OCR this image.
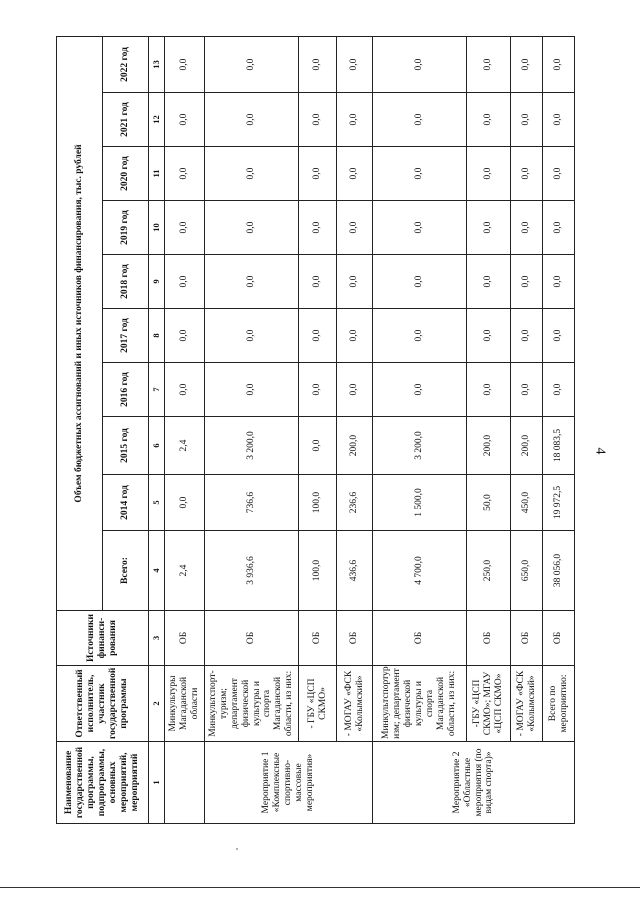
4
Наименование государственной программы, подпрограммы, основных мероприятий, мероприятий	Ответственный исполнитель, участник государственной программы	Источники финанси-рования	Объем бюджетных ассигнований и иных источников финансирования, тыс. рублей									
			Всего:	2014 год	2015 год	2016 год	2017 год	2018 год	2019 год	2020 год	2021 год	2022 год
1	2	3	4	5	6	7	8	9	10	11	12	13
	Минкультуры Магаданской области	ОБ	2,4	0,0	2,4	0,0	0,0	0,0	0,0	0,0	0,0	0,0
Мероприятие 1 «Комплексные спортивно-массовые мероприятия»	Минкультспорт-туризм; департамент физической культуры и спорта Магаданской области, из них:	ОБ	3 936,6	736,6	3 200,0	0,0	0,0	0,0	0,0	0,0	0,0	0,0
	- ГБУ «ЦСП СКМО»	ОБ	100,0	100,0	0,0	0,0	0,0	0,0	0,0	0,0	0,0	0,0
	- МОГАУ «ФСК «Колымский»	ОБ	436,6	236,6	200,0	0,0	0,0	0,0	0,0	0,0	0,0	0,0
Мероприятие 2 «Областные мероприятия (по видам спорта)»	Минкультспортур изм; департамент физической культуры и спорта Магаданской области, из них:	ОБ	4 700,0	1 500,0	3 200,0	0,0	0,0	0,0	0,0	0,0	0,0	0,0
	-ГБУ «ЦСП СКМО»; МГАУ «ЦСП СКМО»	ОБ	250,0	50,0	200,0	0,0	0,0	0,0	0,0	0,0	0,0	0,0
	- МОГАУ «ФСК «Колымский»	ОБ	650,0	450,0	200,0	0,0	0,0	0,0	0,0	0,0	0,0	0,0
	Всего по мероприятию:	ОБ	38 056,0	19 972,5	18 083,5	0,0	0,0	0,0	0,0	0,0	0,0	0,0
